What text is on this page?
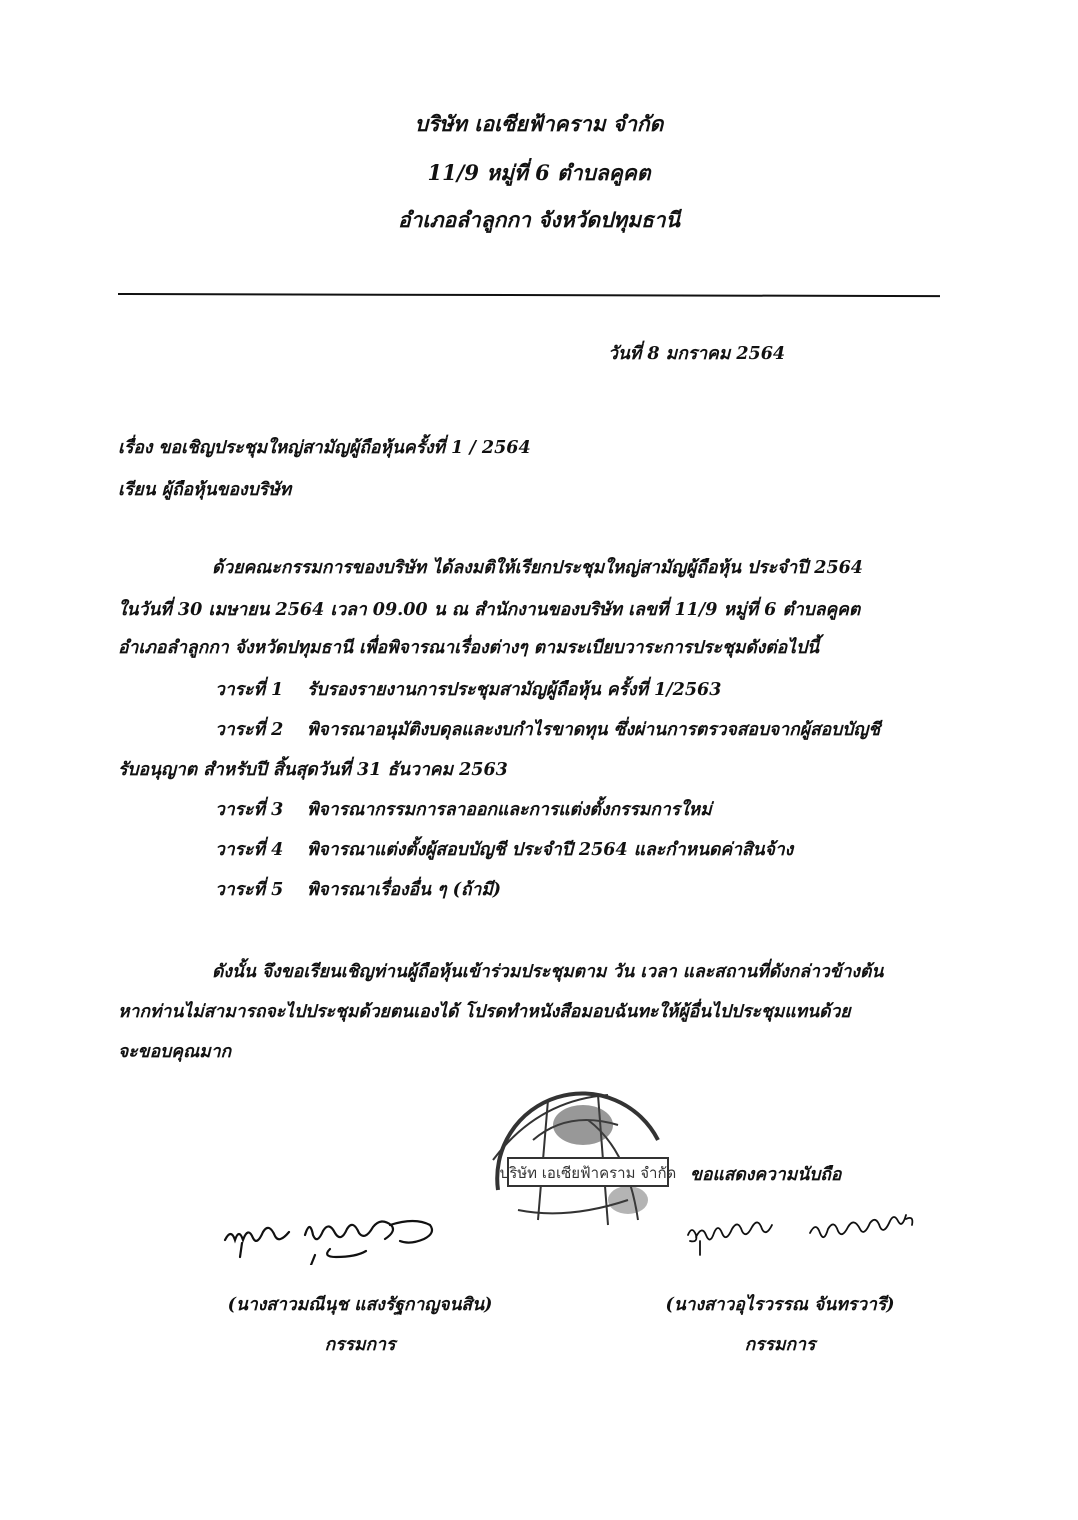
บริษัท เอเซียฟ้าคราม จำกัด
11/9 หมู่ที่ 6 ตำบลคูคต
อำเภอลำลูกกา จังหวัดปทุมธานี
วันที่ 8 มกราคม 2564
เรื่อง ขอเชิญประชุมใหญ่สามัญผู้ถือหุ้นครั้งที่ 1 / 2564
เรียน ผู้ถือหุ้นของบริษัท
ด้วยคณะกรรมการของบริษัท ได้ลงมติให้เรียกประชุมใหญ่สามัญผู้ถือหุ้น ประจำปี 2564
ในวันที่ 30 เมษายน 2564 เวลา 09.00 น ณ สำนักงานของบริษัท เลขที่ 11/9 หมู่ที่ 6 ตำบลคูคต
อำเภอลำลูกกา จังหวัดปทุมธานี เพื่อพิจารณาเรื่องต่างๆ ตามระเบียบวาระการประชุมดังต่อไปนี้
วาระที่ 1 รับรองรายงานการประชุมสามัญผู้ถือหุ้น ครั้งที่ 1/2563
วาระที่ 2 พิจารณาอนุมัติงบดุลและงบกำไรขาดทุน ซึ่งผ่านการตรวจสอบจากผู้สอบบัญชี
รับอนุญาต สำหรับปี สิ้นสุดวันที่ 31 ธันวาคม 2563
วาระที่ 3 พิจารณากรรมการลาออกและการแต่งตั้งกรรมการใหม่
วาระที่ 4 พิจารณาแต่งตั้งผู้สอบบัญชี ประจำปี 2564 และกำหนดค่าสินจ้าง
วาระที่ 5 พิจารณาเรื่องอื่น ๆ (ถ้ามี)
ดังนั้น จึงขอเรียนเชิญท่านผู้ถือหุ้นเข้าร่วมประชุมตาม วัน เวลา และสถานที่ดังกล่าวข้างต้น
หากท่านไม่สามารถจะไปประชุมด้วยตนเองได้ โปรดทำหนังสือมอบฉันทะให้ผู้อื่นไปประชุมแทนด้วย
จะขอบคุณมาก
บริษัท เอเซียฟ้าคราม จำกัด ขอแสดงความนับถือ
(นางสาวมณีนุช แสงรัฐกาญจนสิน)
กรรมการ
(นางสาวอุไรวรรณ จันทรวารี)
กรรมการ
